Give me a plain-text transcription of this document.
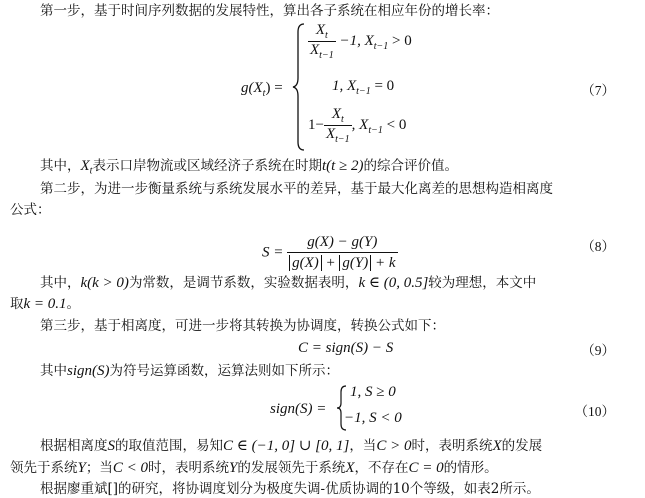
第一步，基于时间序列数据的发展特性，算出各子系统在相应年份的增长率：
$g(X_t)$ =
$\frac{X_t}{X_{t-1}} -1$, $X_{t-1} > 0$
1, $X_{t-1} = 0$
$1- \frac{X_t}{X_{t-1}}$ , $X_{t-1} < 0$
（7）
其中，$X_t$表示口岸物流或区域经济子系统在时期t(t ≥ 2)的综合评价值。
第二步，为进一步衡量系统与系统发展水平的差异，基于最大化离差的思想构造相离度
公式：
$S = \frac{g(X) - g(Y)}{g(X) + g(Y) + k}$	（8）
其中，k(k > 0)为常数，是调节系数，实验数据表明，k ∈ (0, 0.5]较为理想，本文中
取k = 0.1。
第三步，基于相离度，可进一步将其转换为协调度，转换公式如下：
C = sign(S) − S	（9）
其中sign(S)为符号运算函数，运算法则如下所示：
sign(S) =
1, S ≥ 0
−1, S < 0	（10）
根据相离度S的取值范围，易知C ∈ (−1, 0] ∪ [0, 1]，当C > 0时，表明系统X的发展
领先于系统Y；当C < 0时，表明系统Y的发展领先于系统X，不存在C = 0的情形。
根据廖重斌[]的研究，将协调度划分为极度失调-优质协调的10个等级，如表2所示。
